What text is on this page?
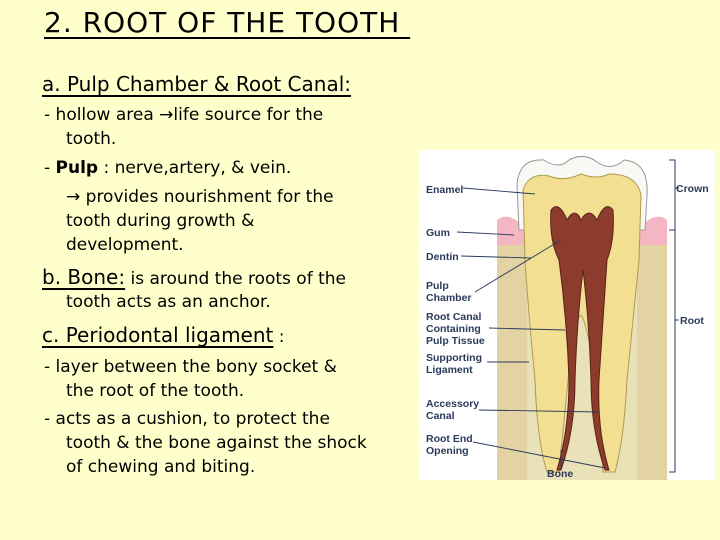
2. ROOT OF THE TOOTH
a. Pulp Chamber & Root Canal:
- hollow area →life source for the
tooth.
- Pulp : nerve,artery, & vein.
→ provides nourishment for the
tooth during growth &
development.
b. Bone: is around the roots of the
tooth acts as an anchor.
c. Periodontal ligament :
- layer between the bony socket &
the root of the tooth.
- acts as a cushion, to protect the
tooth & the bone against the shock
of chewing and biting.
Enamel
Gum
Dentin
Pulp
Chamber
Root Canal
Containing
Pulp Tissue
Supporting
Ligament
Accessory
Canal
Root End
Opening
Bone
Crown
Root
